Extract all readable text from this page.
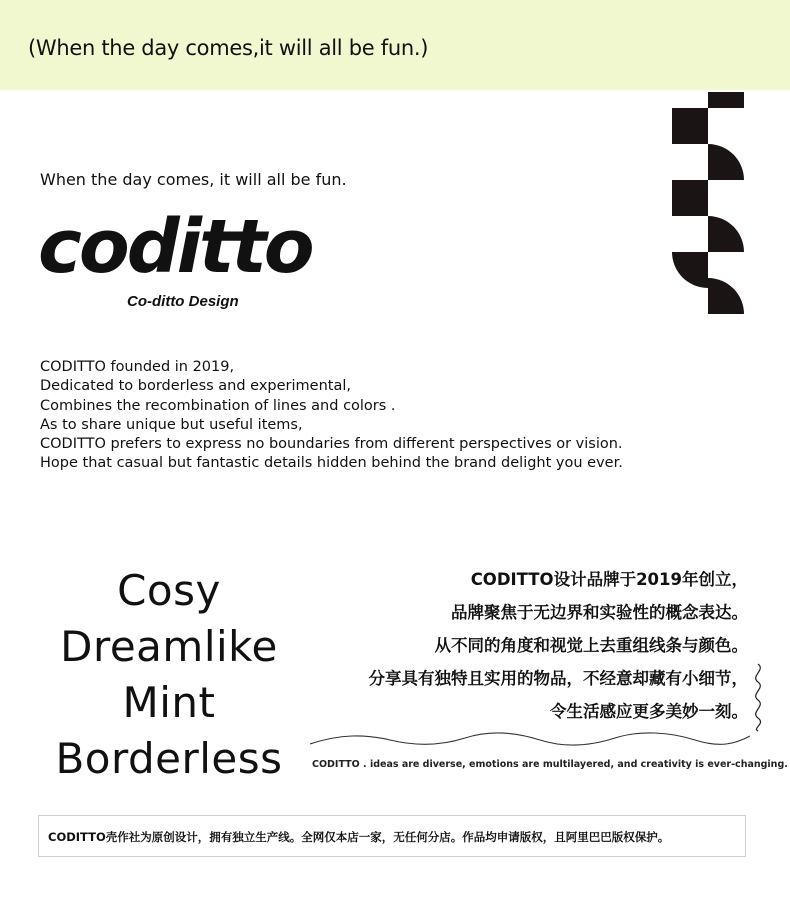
(When the day comes,it will all be fun.)
When the day comes, it will all be fun.
coditto
Co-ditto Design
CODITTO founded in 2019,
Dedicated to borderless and experimental,
Combines the recombination of lines and colors .
As to share unique but useful items,
CODITTO prefers to express no boundaries from different perspectives or vision.
Hope that casual but fantastic details hidden behind the brand delight you ever.
Cosy
Dreamlike
Mint
Borderless
CODITTO设计品牌于2019年创立，
品牌聚焦于无边界和实验性的概念表达。
从不同的角度和视觉上去重组线条与颜色。
分享具有独特且实用的物品，不经意却藏有小细节，
令生活感应更多美妙一刻。
CODITTO . ideas are diverse, emotions are multilayered, and creativity is ever-changing.
CODITTO壳作社为原创设计，拥有独立生产线。全网仅本店一家，无任何分店。作品均申请版权，且阿里巴巴版权保护。
